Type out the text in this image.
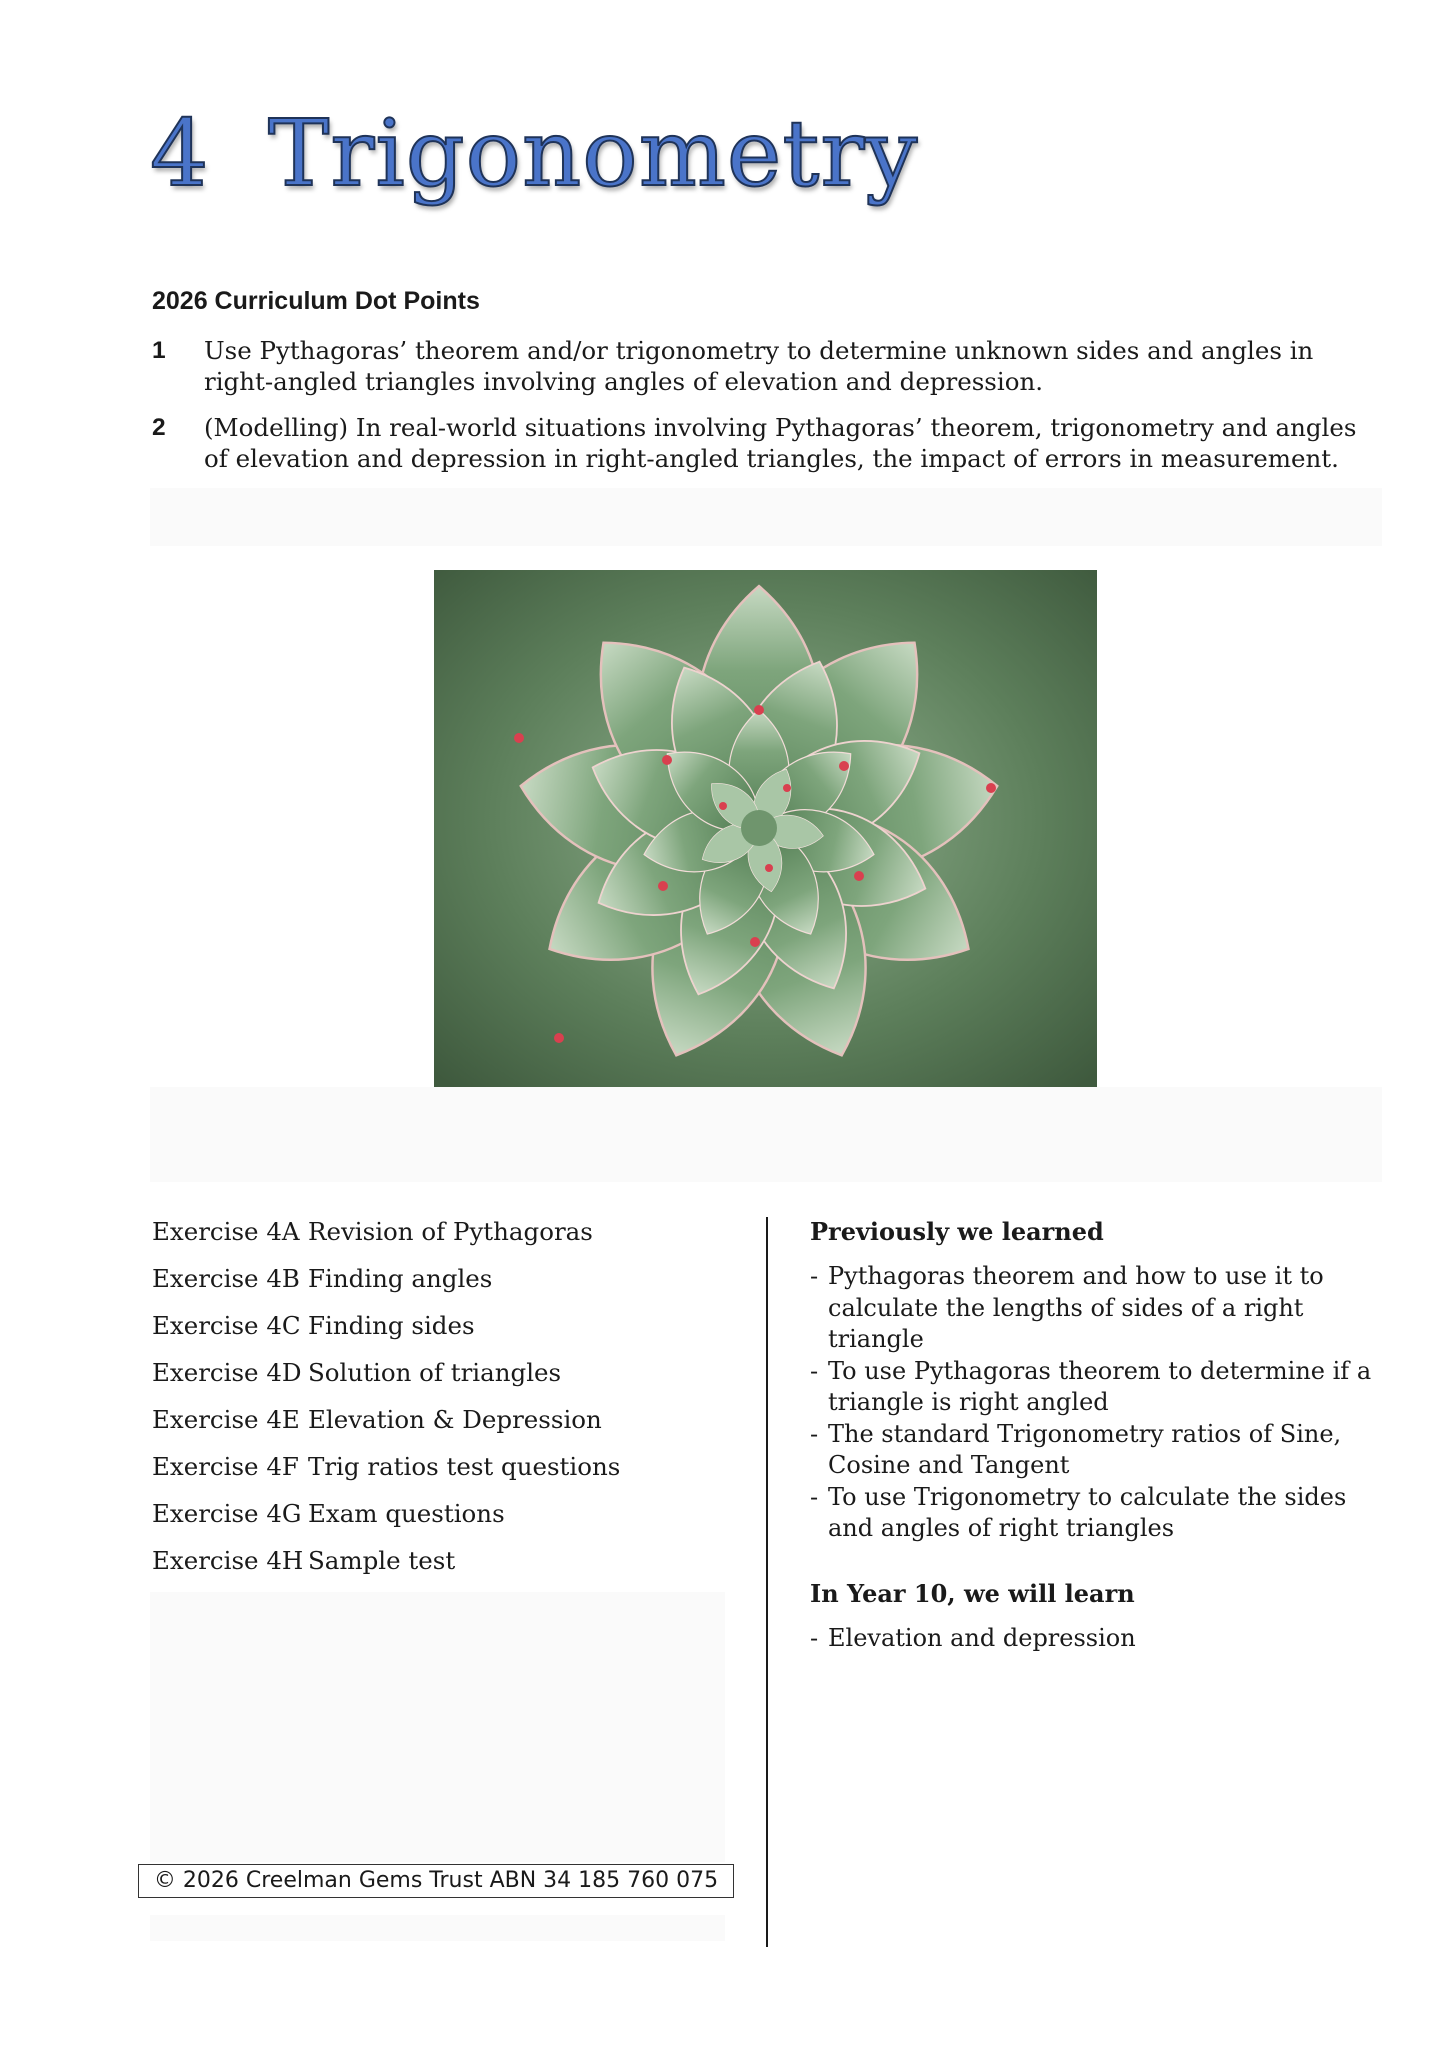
4 Trigonometry
2026 Curriculum Dot Points
1 Use Pythagoras’ theorem and/or trigonometry to determine unknown sides and angles in right-angled triangles involving angles of elevation and depression.
2 (Modelling) In real-world situations involving Pythagoras’ theorem, trigonometry and angles of elevation and depression in right-angled triangles, the impact of errors in measurement.
Exercise 4A Revision of Pythagoras
Exercise 4B Finding angles
Exercise 4C Finding sides
Exercise 4D Solution of triangles
Exercise 4E Elevation & Depression
Exercise 4F Trig ratios test questions
Exercise 4G Exam questions
Exercise 4H Sample test
Previously we learned
- Pythagoras theorem and how to use it to calculate the lengths of sides of a right triangle
- To use Pythagoras theorem to determine if a triangle is right angled
- The standard Trigonometry ratios of Sine, Cosine and Tangent
- To use Trigonometry to calculate the sides and angles of right triangles
In Year 10, we will learn
- Elevation and depression
© 2026 Creelman Gems Trust ABN 34 185 760 075
